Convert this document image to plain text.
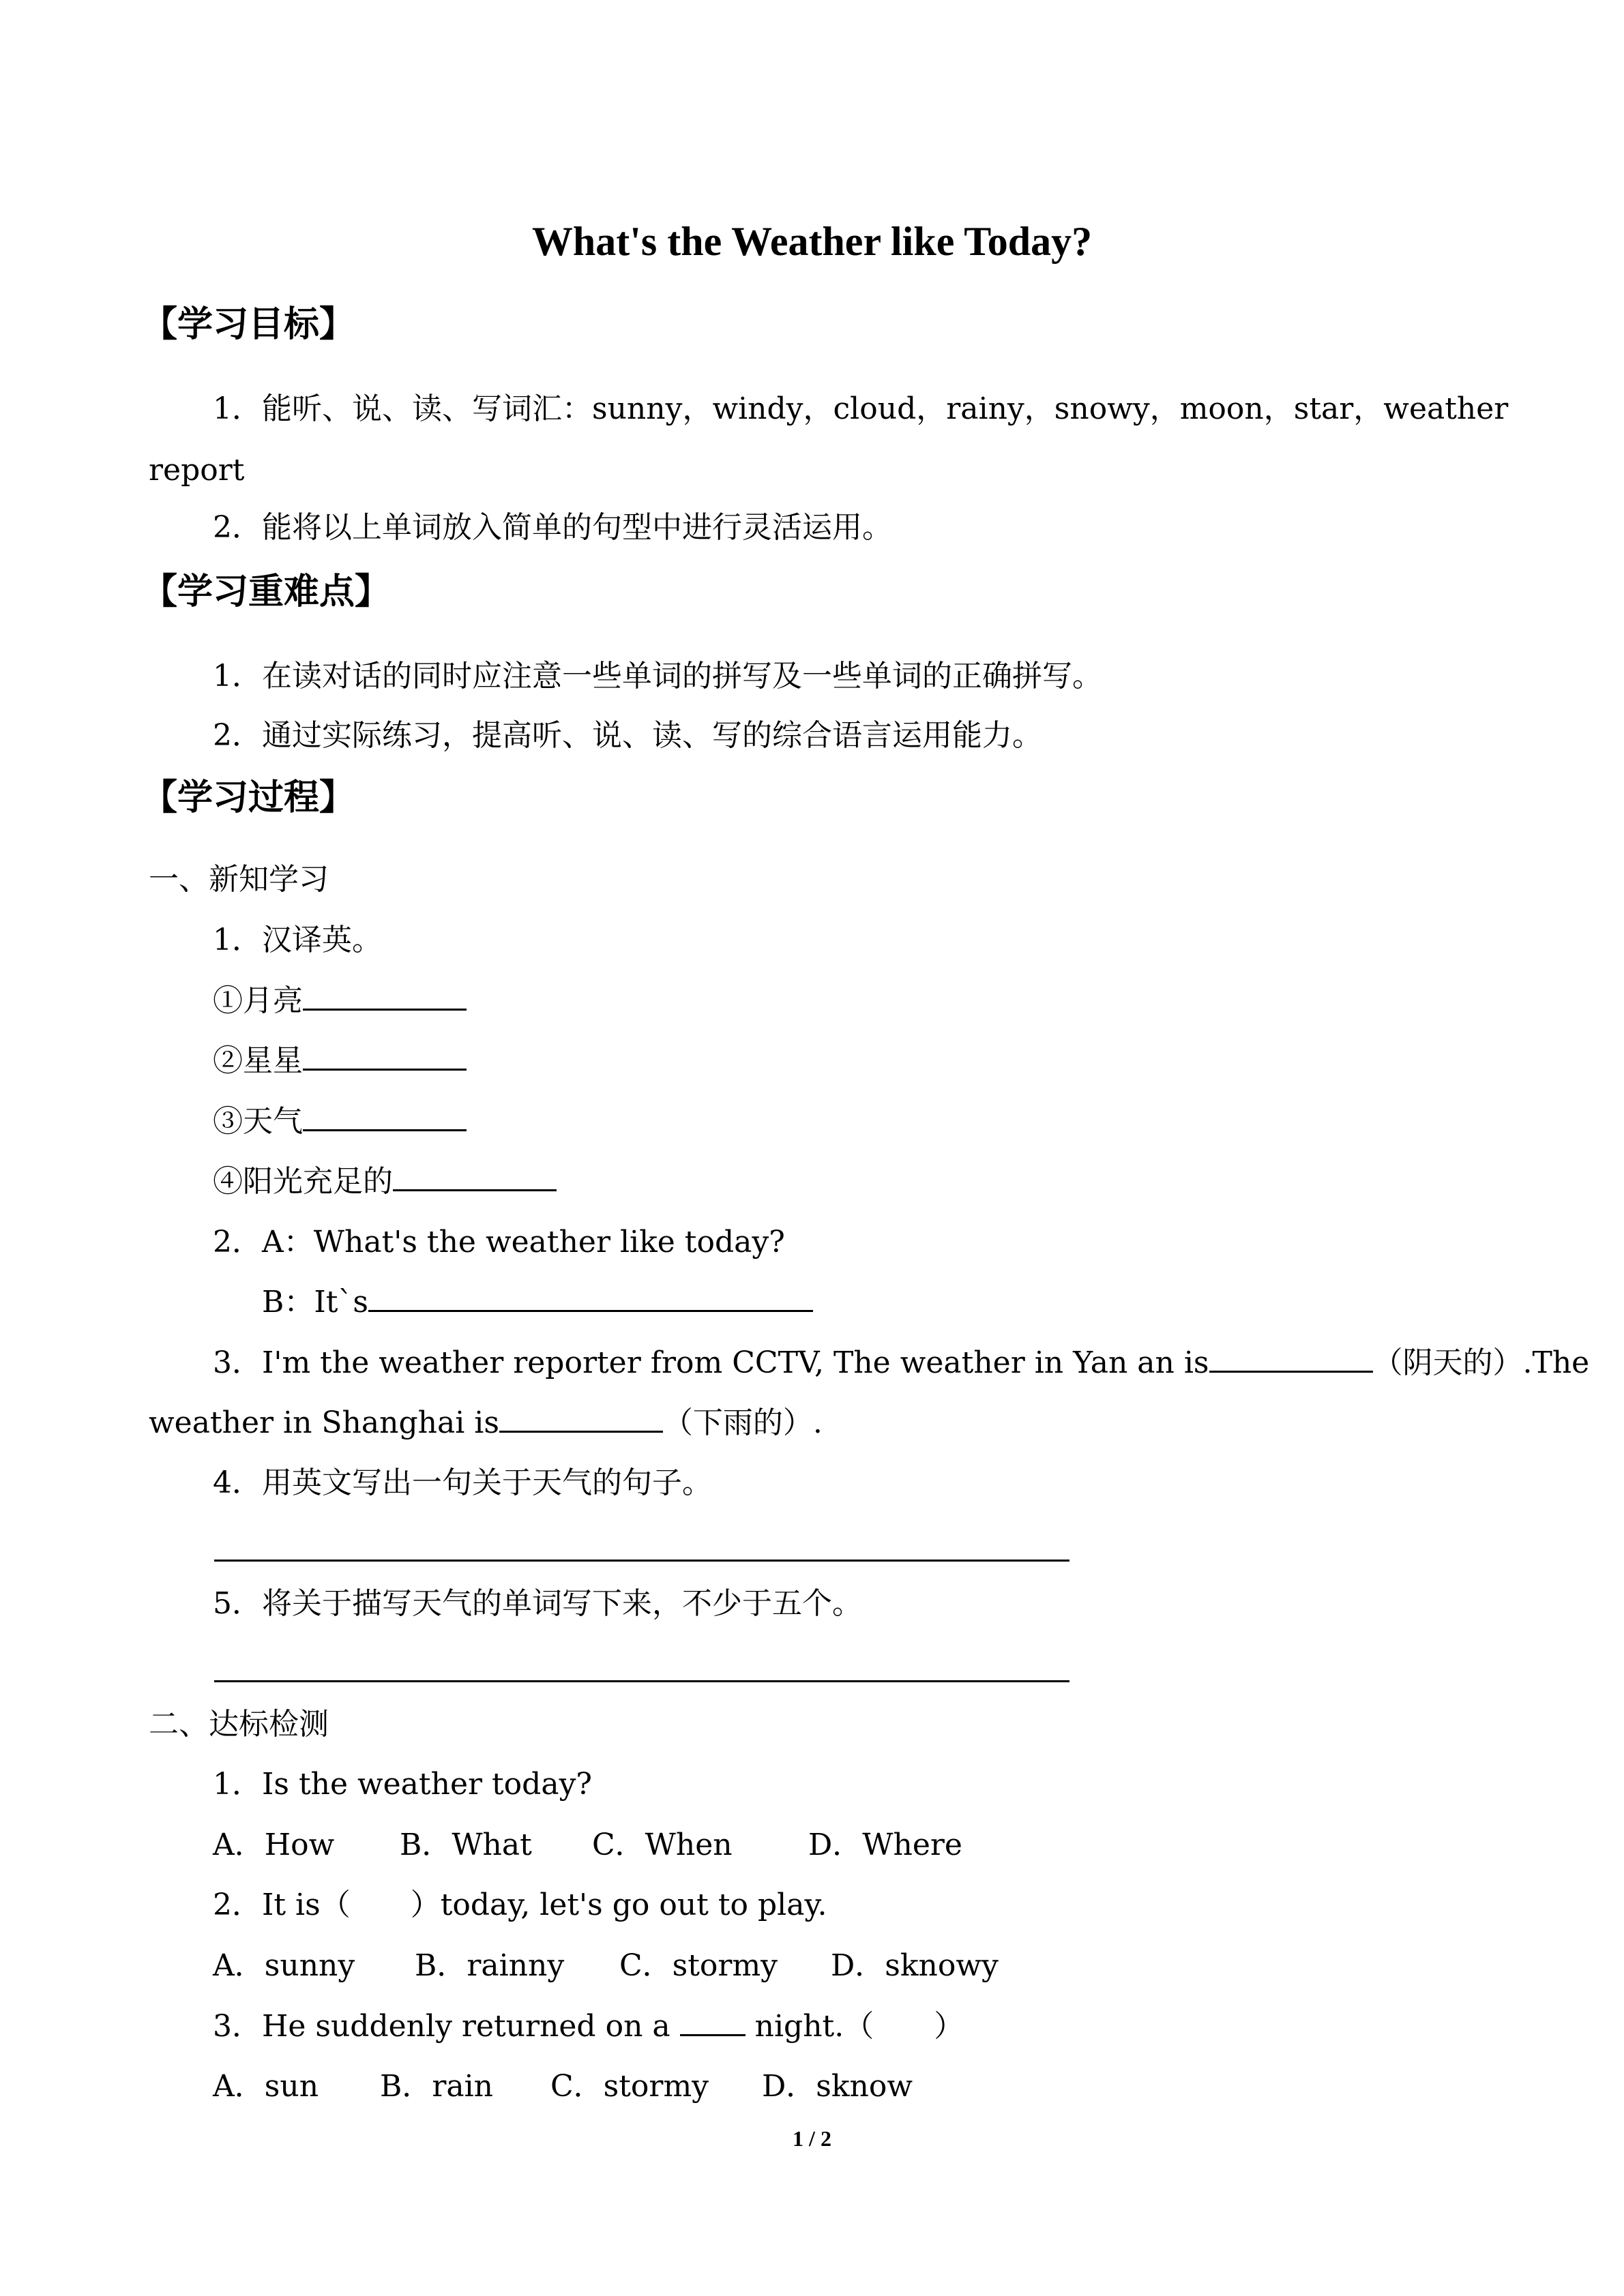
What's the Weather like Today?
【学习目标】
1．能听、说、读、写词汇：sunny，windy，cloud，rainy，snowy，moon，star，weather
report
2．能将以上单词放入简单的句型中进行灵活运用。
【学习重难点】
1．在读对话的同时应注意一些单词的拼写及一些单词的正确拼写。
2．通过实际练习，提高听、说、读、写的综合语言运用能力。
【学习过程】
一、新知学习
1．汉译英。
①月亮
②星星
③天气
④阳光充足的
2．A：What's the weather like today?
B：It`s
3．I'm the weather reporter from CCTV, The weather in Yan an is	（阴天的）.The
weather in Shanghai is	（下雨的）.
4．用英文写出一句关于天气的句子。
5．将关于描写天气的单词写下来，不少于五个。
二、达标检测
1．Is the weather today?
A．How B．What C．When	D．Where
2．It is（　　）today, let's go out to play.
A．sunny B．rainny C．stormy D．sknowy
3．He suddenly returned on a	night.（　　）
A．sun B．rain C．stormy D．sknow
1 / 2
